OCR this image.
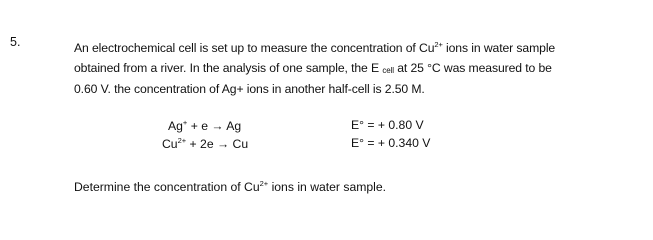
5.	An electrochemical cell is set up to measure the concentration of $Cu^{2+}$ ions in water sample
obtained from a river. In the analysis of one sample, the E cell at 25 °C was measured to be
0.60 V. the concentration of Ag+ ions in another half-cell is 2.50 M.
Ag+ + e → Ag	E° = + 0.80 V
$Cu^{2+} + 2e \to Cu$	E° = + 0.340 V
Determine the concentration of $Cu^{2+}$ ions in water sample.
